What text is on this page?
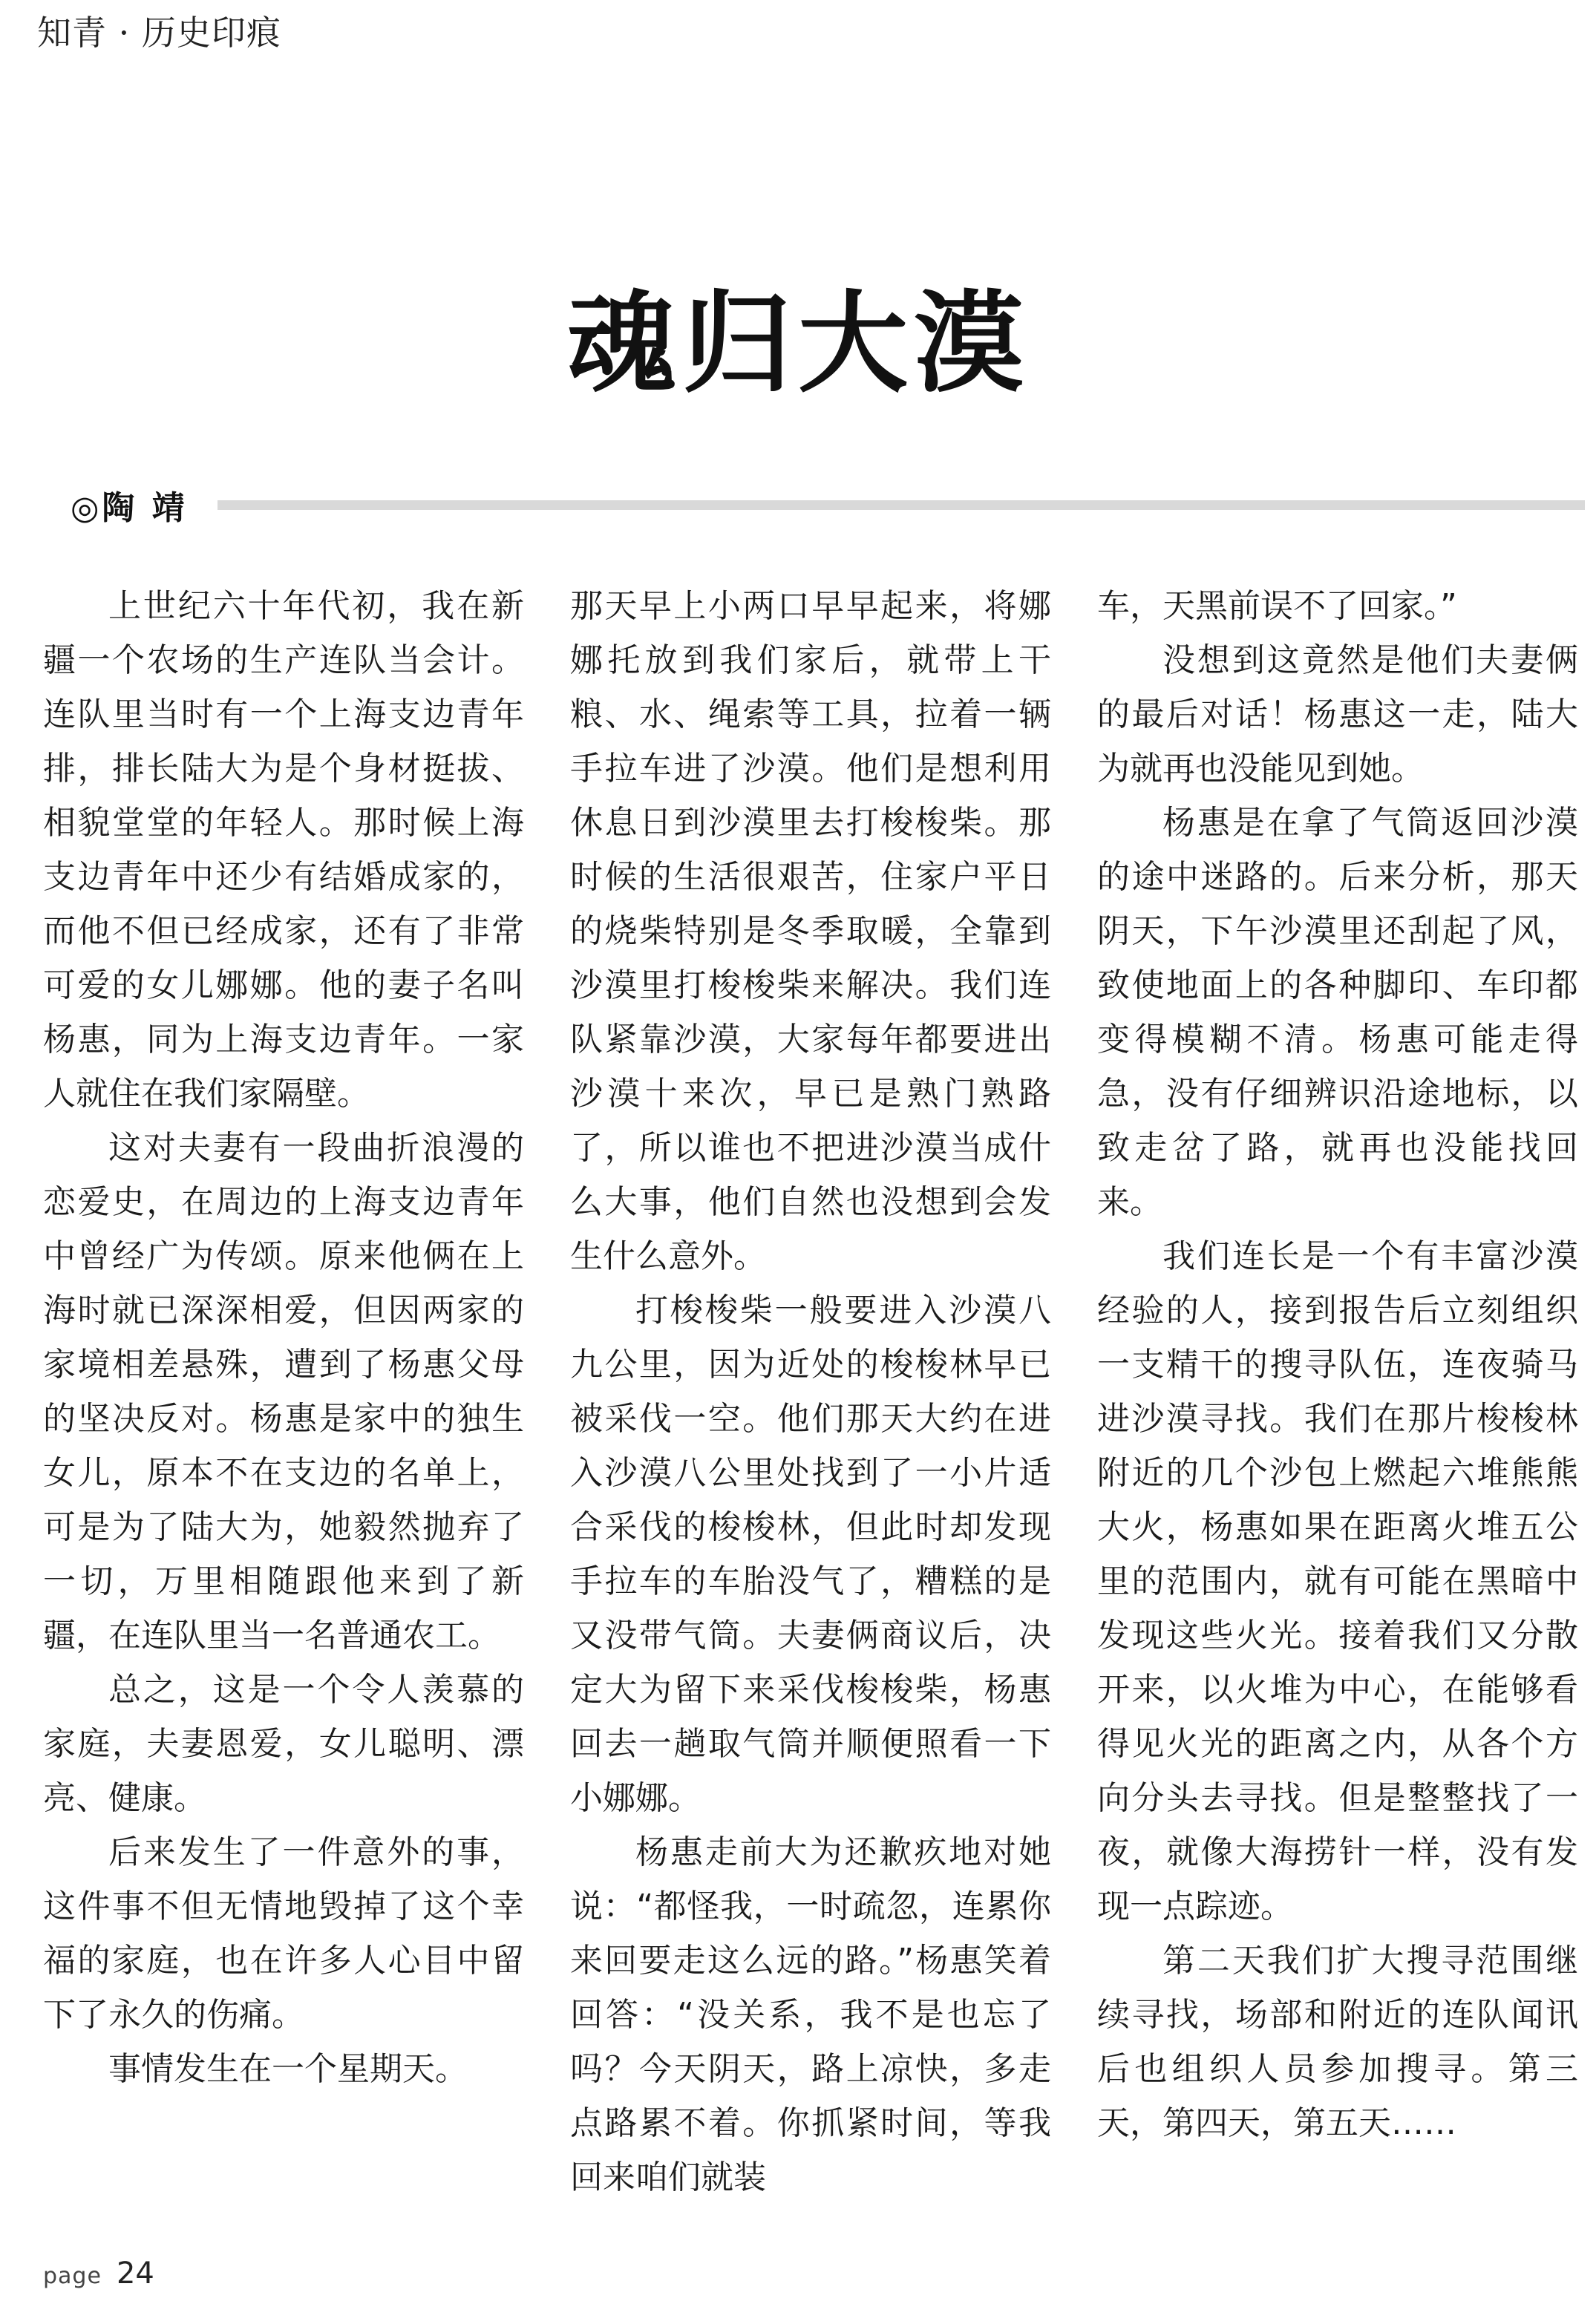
知青 · 历史印痕
魂归大漠
◎陶 靖

上世纪六十年代初，我在新疆一个农场的生产连队当会计。连队里当时有一个上海支边青年排，排长陆大为是个身材挺拔、相貌堂堂的年轻人。那时候上海支边青年中还少有结婚成家的，而他不但已经成家，还有了非常可爱的女儿娜娜。他的妻子名叫杨惠，同为上海支边青年。一家人就住在我们家隔壁。

这对夫妻有一段曲折浪漫的恋爱史，在周边的上海支边青年中曾经广为传颂。原来他俩在上海时就已深深相爱，但因两家的家境相差悬殊，遭到了杨惠父母的坚决反对。杨惠是家中的独生女儿，原本不在支边的名单上，可是为了陆大为，她毅然抛弃了一切，万里相随跟他来到了新疆，在连队里当一名普通农工。

总之，这是一个令人羡慕的家庭，夫妻恩爱，女儿聪明、漂亮、健康。

后来发生了一件意外的事，这件事不但无情地毁掉了这个幸福的家庭，也在许多人心目中留下了永久的伤痛。

事情发生在一个星期天。

那天早上小两口早早起来，将娜娜托放到我们家后，就带上干粮、水、绳索等工具，拉着一辆手拉车进了沙漠。他们是想利用休息日到沙漠里去打梭梭柴。那时候的生活很艰苦，住家户平日的烧柴特别是冬季取暖，全靠到沙漠里打梭梭柴来解决。我们连队紧靠沙漠，大家每年都要进出沙漠十来次，早已是熟门熟路了，所以谁也不把进沙漠当成什么大事，他们自然也没想到会发生什么意外。

打梭梭柴一般要进入沙漠八九公里，因为近处的梭梭林早已被采伐一空。他们那天大约在进入沙漠八公里处找到了一小片适合采伐的梭梭林，但此时却发现手拉车的车胎没气了，糟糕的是又没带气筒。夫妻俩商议后，决定大为留下来采伐梭梭柴，杨惠回去一趟取气筒并顺便照看一下小娜娜。

杨惠走前大为还歉疚地对她说：“都怪我，一时疏忽，连累你来回要走这么远的路。”杨惠笑着回答：“没关系，我不是也忘了吗？今天阴天，路上凉快，多走点路累不着。你抓紧时间，等我回来咱们就装

车，天黑前误不了回家。”

没想到这竟然是他们夫妻俩的最后对话！杨惠这一走，陆大为就再也没能见到她。

杨惠是在拿了气筒返回沙漠的途中迷路的。后来分析，那天阴天，下午沙漠里还刮起了风，致使地面上的各种脚印、车印都变得模糊不清。杨惠可能走得急，没有仔细辨识沿途地标，以致走岔了路，就再也没能找回来。

我们连长是一个有丰富沙漠经验的人，接到报告后立刻组织一支精干的搜寻队伍，连夜骑马进沙漠寻找。我们在那片梭梭林附近的几个沙包上燃起六堆熊熊大火，杨惠如果在距离火堆五公里的范围内，就有可能在黑暗中发现这些火光。接着我们又分散开来，以火堆为中心，在能够看得见火光的距离之内，从各个方向分头去寻找。但是整整找了一夜，就像大海捞针一样，没有发现一点踪迹。

第二天我们扩大搜寻范围继续寻找，场部和附近的连队闻讯后也组织人员参加搜寻。第三天，第四天，第五天……

page 24
